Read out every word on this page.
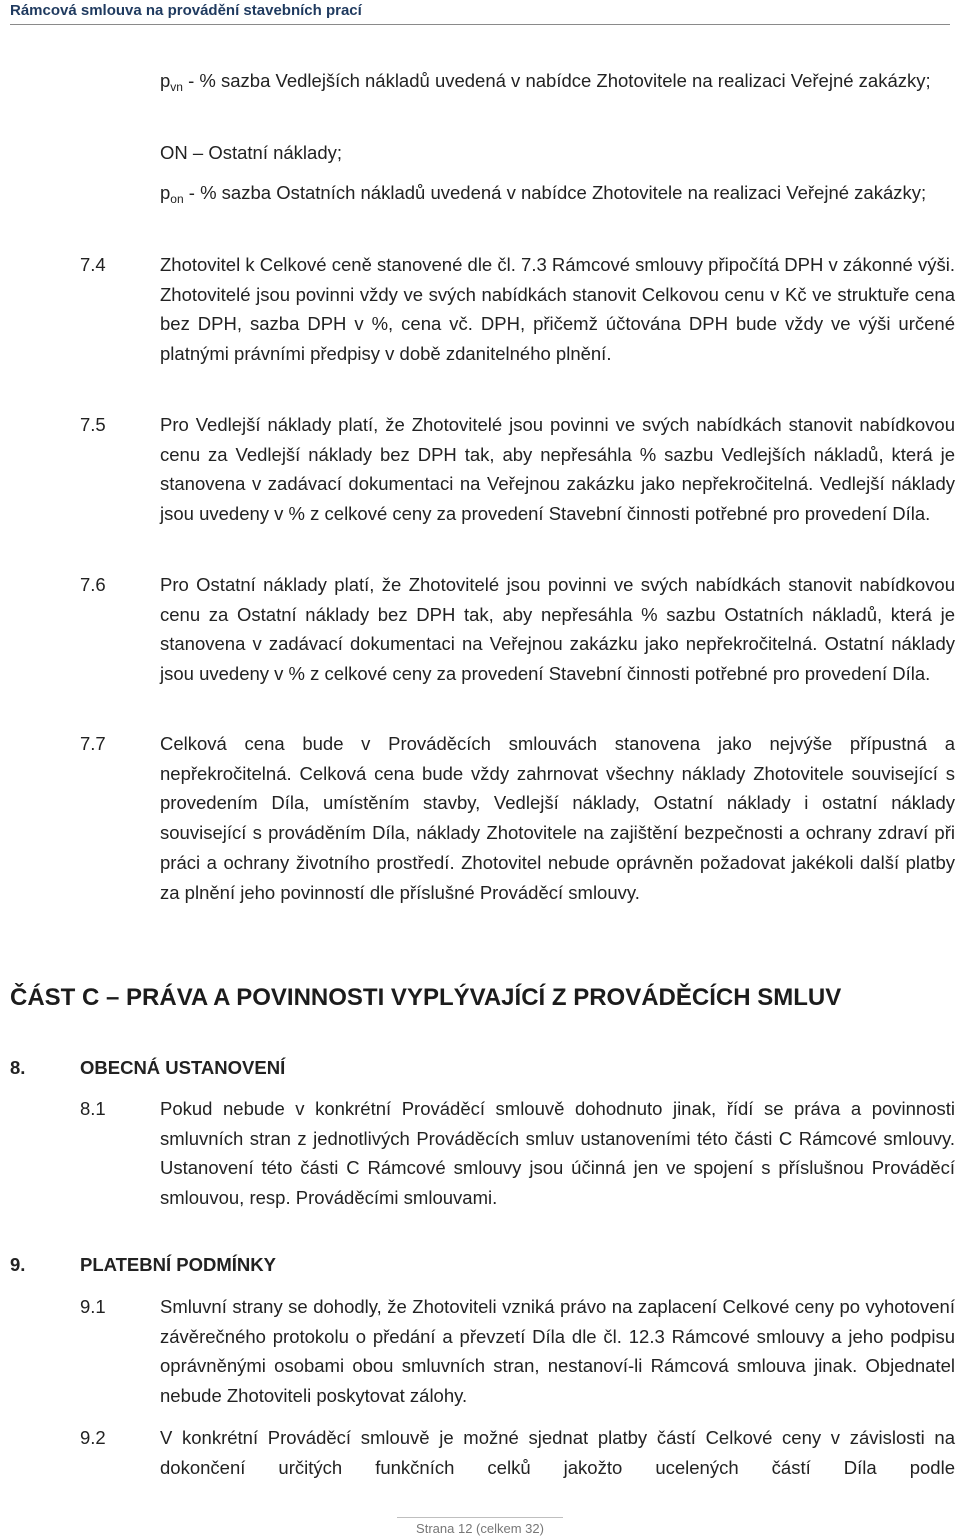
Rámcová smlouva na provádění stavebních prací
$p_{vn}$ - % sazba Vedlejších nákladů uvedená v nabídce Zhotovitele na realizaci Veřejné zakázky;
ON – Ostatní náklady;
$p_{on}$ - % sazba Ostatních nákladů uvedená v nabídce Zhotovitele na realizaci Veřejné zakázky;
7.4	Zhotovitel k Celkové ceně stanovené dle čl. 7.3 Rámcové smlouvy připočítá DPH v zákonné výši. Zhotovitelé jsou povinni vždy ve svých nabídkách stanovit Celkovou cenu v Kč ve struktuře cena bez DPH, sazba DPH v %, cena vč. DPH, přičemž účtována DPH bude vždy ve výši určené platnými právními předpisy v době zdanitelného plnění.
7.5	Pro Vedlejší náklady platí, že Zhotovitelé jsou povinni ve svých nabídkách stanovit nabídkovou cenu za Vedlejší náklady bez DPH tak, aby nepřesáhla % sazbu Vedlejších nákladů, která je stanovena v zadávací dokumentaci na Veřejnou zakázku jako nepřekročitelná. Vedlejší náklady jsou uvedeny v % z celkové ceny za provedení Stavební činnosti potřebné pro provedení Díla.
7.6	Pro Ostatní náklady platí, že Zhotovitelé jsou povinni ve svých nabídkách stanovit nabídkovou cenu za Ostatní náklady bez DPH tak, aby nepřesáhla % sazbu Ostatních nákladů, která je stanovena v zadávací dokumentaci na Veřejnou zakázku jako nepřekročitelná. Ostatní náklady jsou uvedeny v % z celkové ceny za provedení Stavební činnosti potřebné pro provedení Díla.
7.7	Celková cena bude v Prováděcích smlouvách stanovena jako nejvýše přípustná a nepřekročitelná. Celková cena bude vždy zahrnovat všechny náklady Zhotovitele související s provedením Díla, umístěním stavby, Vedlejší náklady, Ostatní náklady i ostatní náklady související s prováděním Díla, náklady Zhotovitele na zajištění bezpečnosti a ochrany zdraví při práci a ochrany životního prostředí. Zhotovitel nebude oprávněn požadovat jakékoli další platby za plnění jeho povinností dle příslušné Prováděcí smlouvy.
ČÁST C – PRÁVA A POVINNOSTI VYPLÝVAJÍCÍ Z PROVÁDĚCÍCH SMLUV
8.	OBECNÁ USTANOVENÍ
8.1	Pokud nebude v konkrétní Prováděcí smlouvě dohodnuto jinak, řídí se práva a povinnosti smluvních stran z jednotlivých Prováděcích smluv ustanoveními této části C Rámcové smlouvy. Ustanovení této části C Rámcové smlouvy jsou účinná jen ve spojení s příslušnou Prováděcí smlouvou, resp. Prováděcími smlouvami.
9.	PLATEBNÍ PODMÍNKY
9.1	Smluvní strany se dohodly, že Zhotoviteli vzniká právo na zaplacení Celkové ceny po vyhotovení závěrečného protokolu o předání a převzetí Díla dle čl. 12.3 Rámcové smlouvy a jeho podpisu oprávněnými osobami obou smluvních stran, nestanoví-li Rámcová smlouva jinak. Objednatel nebude Zhotoviteli poskytovat zálohy.
9.2	V konkrétní Prováděcí smlouvě je možné sjednat platby částí Celkové ceny v závislosti na dokončení určitých funkčních celků jakožto ucelených částí Díla podle
Strana 12 (celkem 32)
